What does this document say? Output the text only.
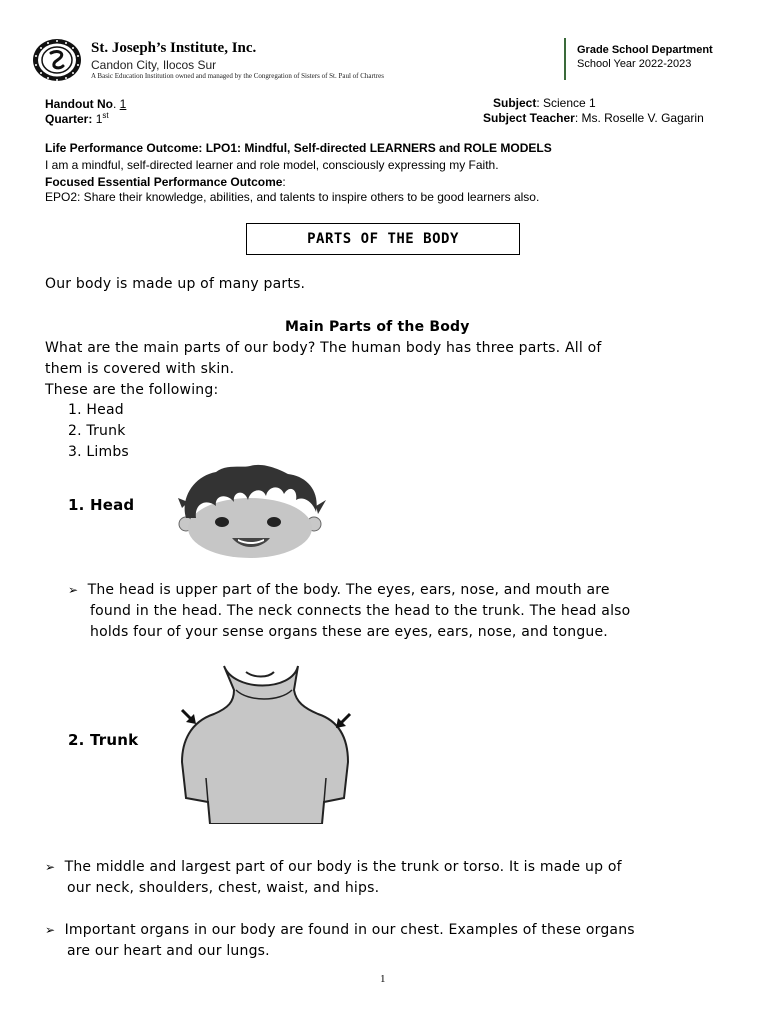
St. Joseph’s Institute, Inc.
Candon City, Ilocos Sur
A Basic Education Institution owned and managed by the Congregation of Sisters of St. Paul of Chartres
Grade School Department
School Year 2022-2023
Handout No. 1
Quarter: 1st
Subject: Science 1
Subject Teacher: Ms. Roselle V. Gagarin
Life Performance Outcome: LPO1: Mindful, Self-directed LEARNERS and ROLE MODELS
I am a mindful, self-directed learner and role model, consciously expressing my Faith.
Focused Essential Performance Outcome:
EPO2: Share their knowledge, abilities, and talents to inspire others to be good learners also.
PARTS OF THE BODY
Our body is made up of many parts.
Main Parts of the Body
What are the main parts of our body? The human body has three parts. All of
them is covered with skin.
These are the following:
1. Head
2. Trunk
3. Limbs
1. Head
➢ The head is upper part of the body. The eyes, ears, nose, and mouth are
found in the head. The neck connects the head to the trunk. The head also
holds four of your sense organs these are eyes, ears, nose, and tongue.
2. Trunk
➢ The middle and largest part of our body is the trunk or torso. It is made up of
our neck, shoulders, chest, waist, and hips.
➢ Important organs in our body are found in our chest. Examples of these organs
are our heart and our lungs.
1
